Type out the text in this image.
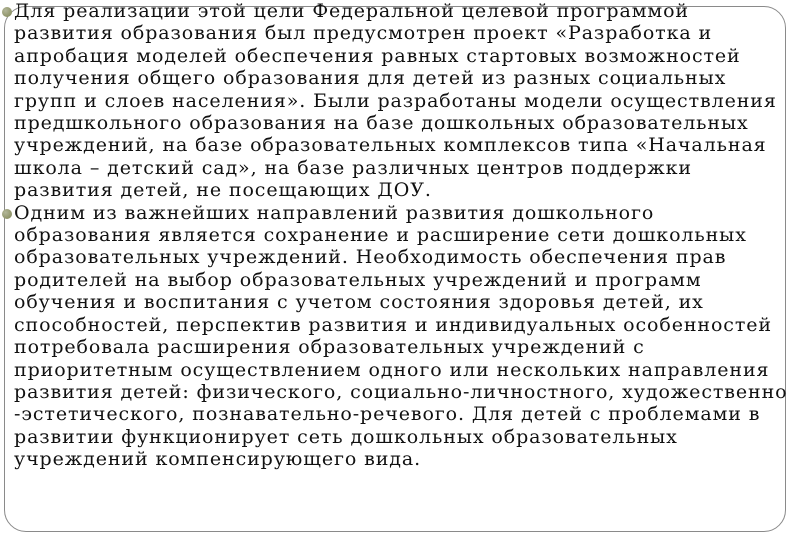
Для реализации этой цели Федеральной целевой программой
развития образования был предусмотрен проект «Разработка и
апробация моделей обеспечения равных стартовых возможностей
получения общего образования для детей из разных социальных
групп и слоев населения». Были разработаны модели осуществления
предшкольного образования на базе дошкольных образовательных
учреждений, на базе образовательных комплексов типа «Начальная
школа – детский сад», на базе различных центров поддержки
развития детей, не посещающих ДОУ.
Одним из важнейших направлений развития дошкольного
образования является сохранение и расширение сети дошкольных
образовательных учреждений. Необходимость обеспечения прав
родителей на выбор образовательных учреждений и программ
обучения и воспитания с учетом состояния здоровья детей, их
способностей, перспектив развития и индивидуальных особенностей
потребовала расширения образовательных учреждений с
приоритетным осуществлением одного или нескольких направления
развития детей: физического, социально-личностного, художественно
-эстетического, познавательно-речевого. Для детей с проблемами в
развитии функционирует сеть дошкольных образовательных
учреждений компенсирующего вида.
